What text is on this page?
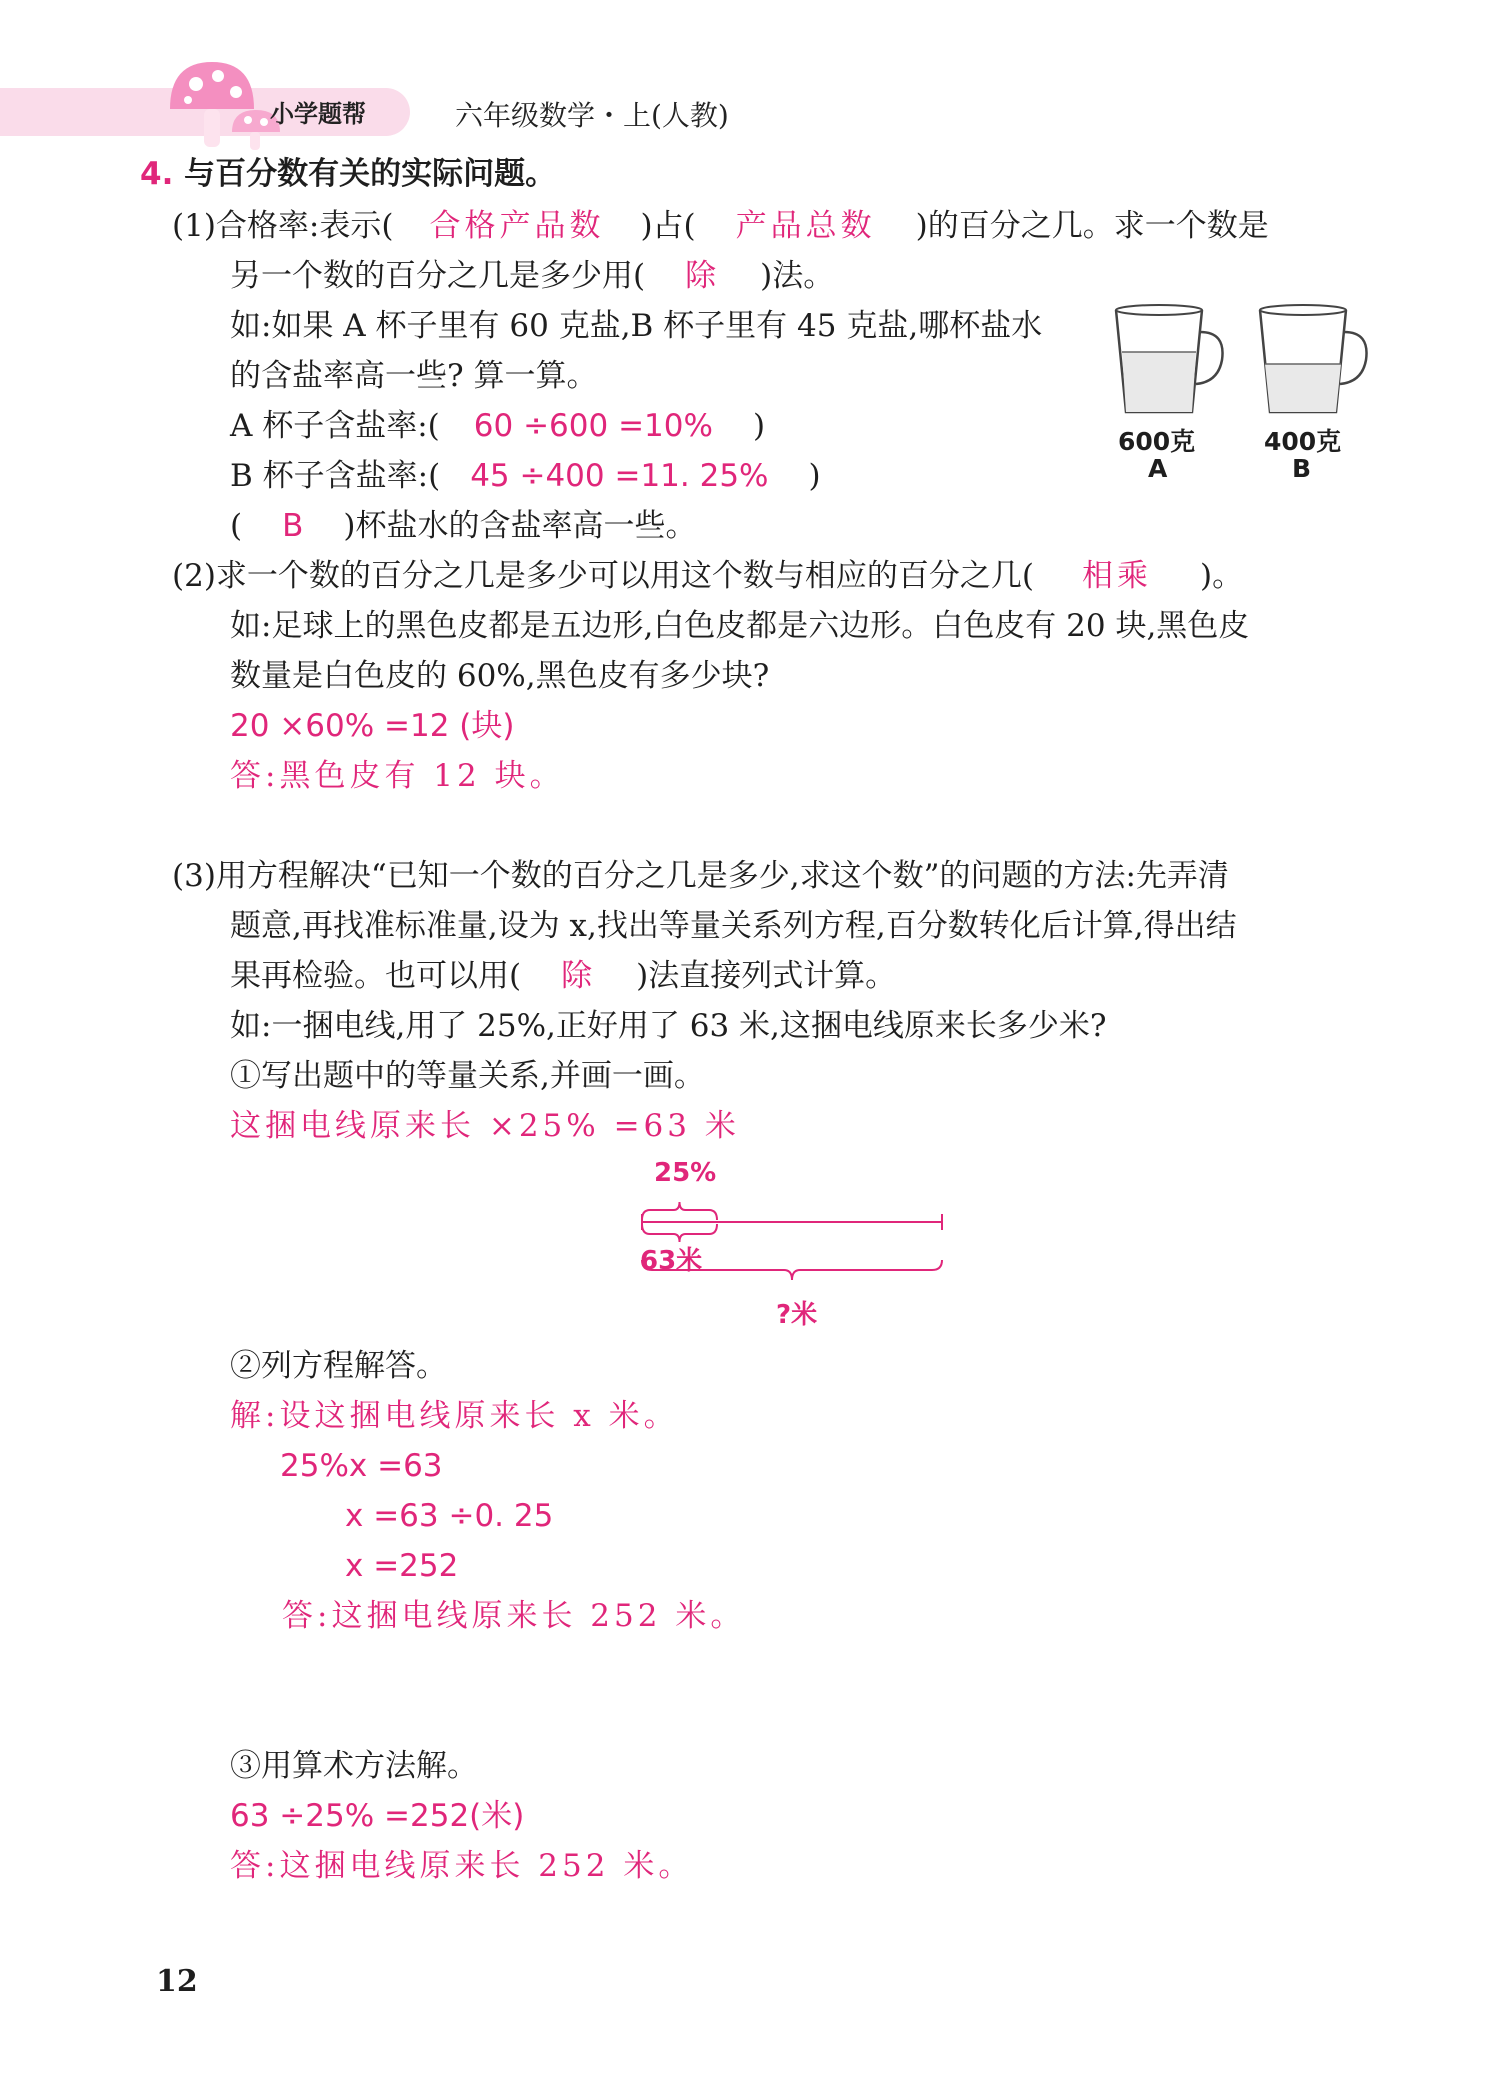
小学题帮	六年级数学・上(人教)
4. 与百分数有关的实际问题。
(1)合格率:表示( 合格产品数 )占( 产品总数 )的百分之几。求一个数是
另一个数的百分之几是多少用( 除 )法。
如:如果 A 杯子里有 60 克盐,B 杯子里有 45 克盐,哪杯盐水
的含盐率高一些? 算一算。
A 杯子含盐率:( 60 ÷600 =10% )
B 杯子含盐率:( 45 ÷400 =11. 25% )
( B )杯盐水的含盐率高一些。
600克
A
400克
B
(2)求一个数的百分之几是多少可以用这个数与相应的百分之几( 相乘 )。
如:足球上的黑色皮都是五边形,白色皮都是六边形。白色皮有 20 块,黑色皮
数量是白色皮的 60%,黑色皮有多少块?
20 ×60% =12 (块)
答:黑色皮有 12 块。
(3)用方程解决“已知一个数的百分之几是多少,求这个数”的问题的方法:先弄清
题意,再找准标准量,设为 x,找出等量关系列方程,百分数转化后计算,得出结
果再检验。也可以用( 除 )法直接列式计算。
如:一捆电线,用了 25%,正好用了 63 米,这捆电线原来长多少米?
①写出题中的等量关系,并画一画。
这捆电线原来长 ×25% =63 米
25%
63米
?米
②列方程解答。
解:设这捆电线原来长 x 米。
25%x =63
x =63 ÷0. 25
x =252
答:这捆电线原来长 252 米。
③用算术方法解。
63 ÷25% =252(米)
答:这捆电线原来长 252 米。
12
